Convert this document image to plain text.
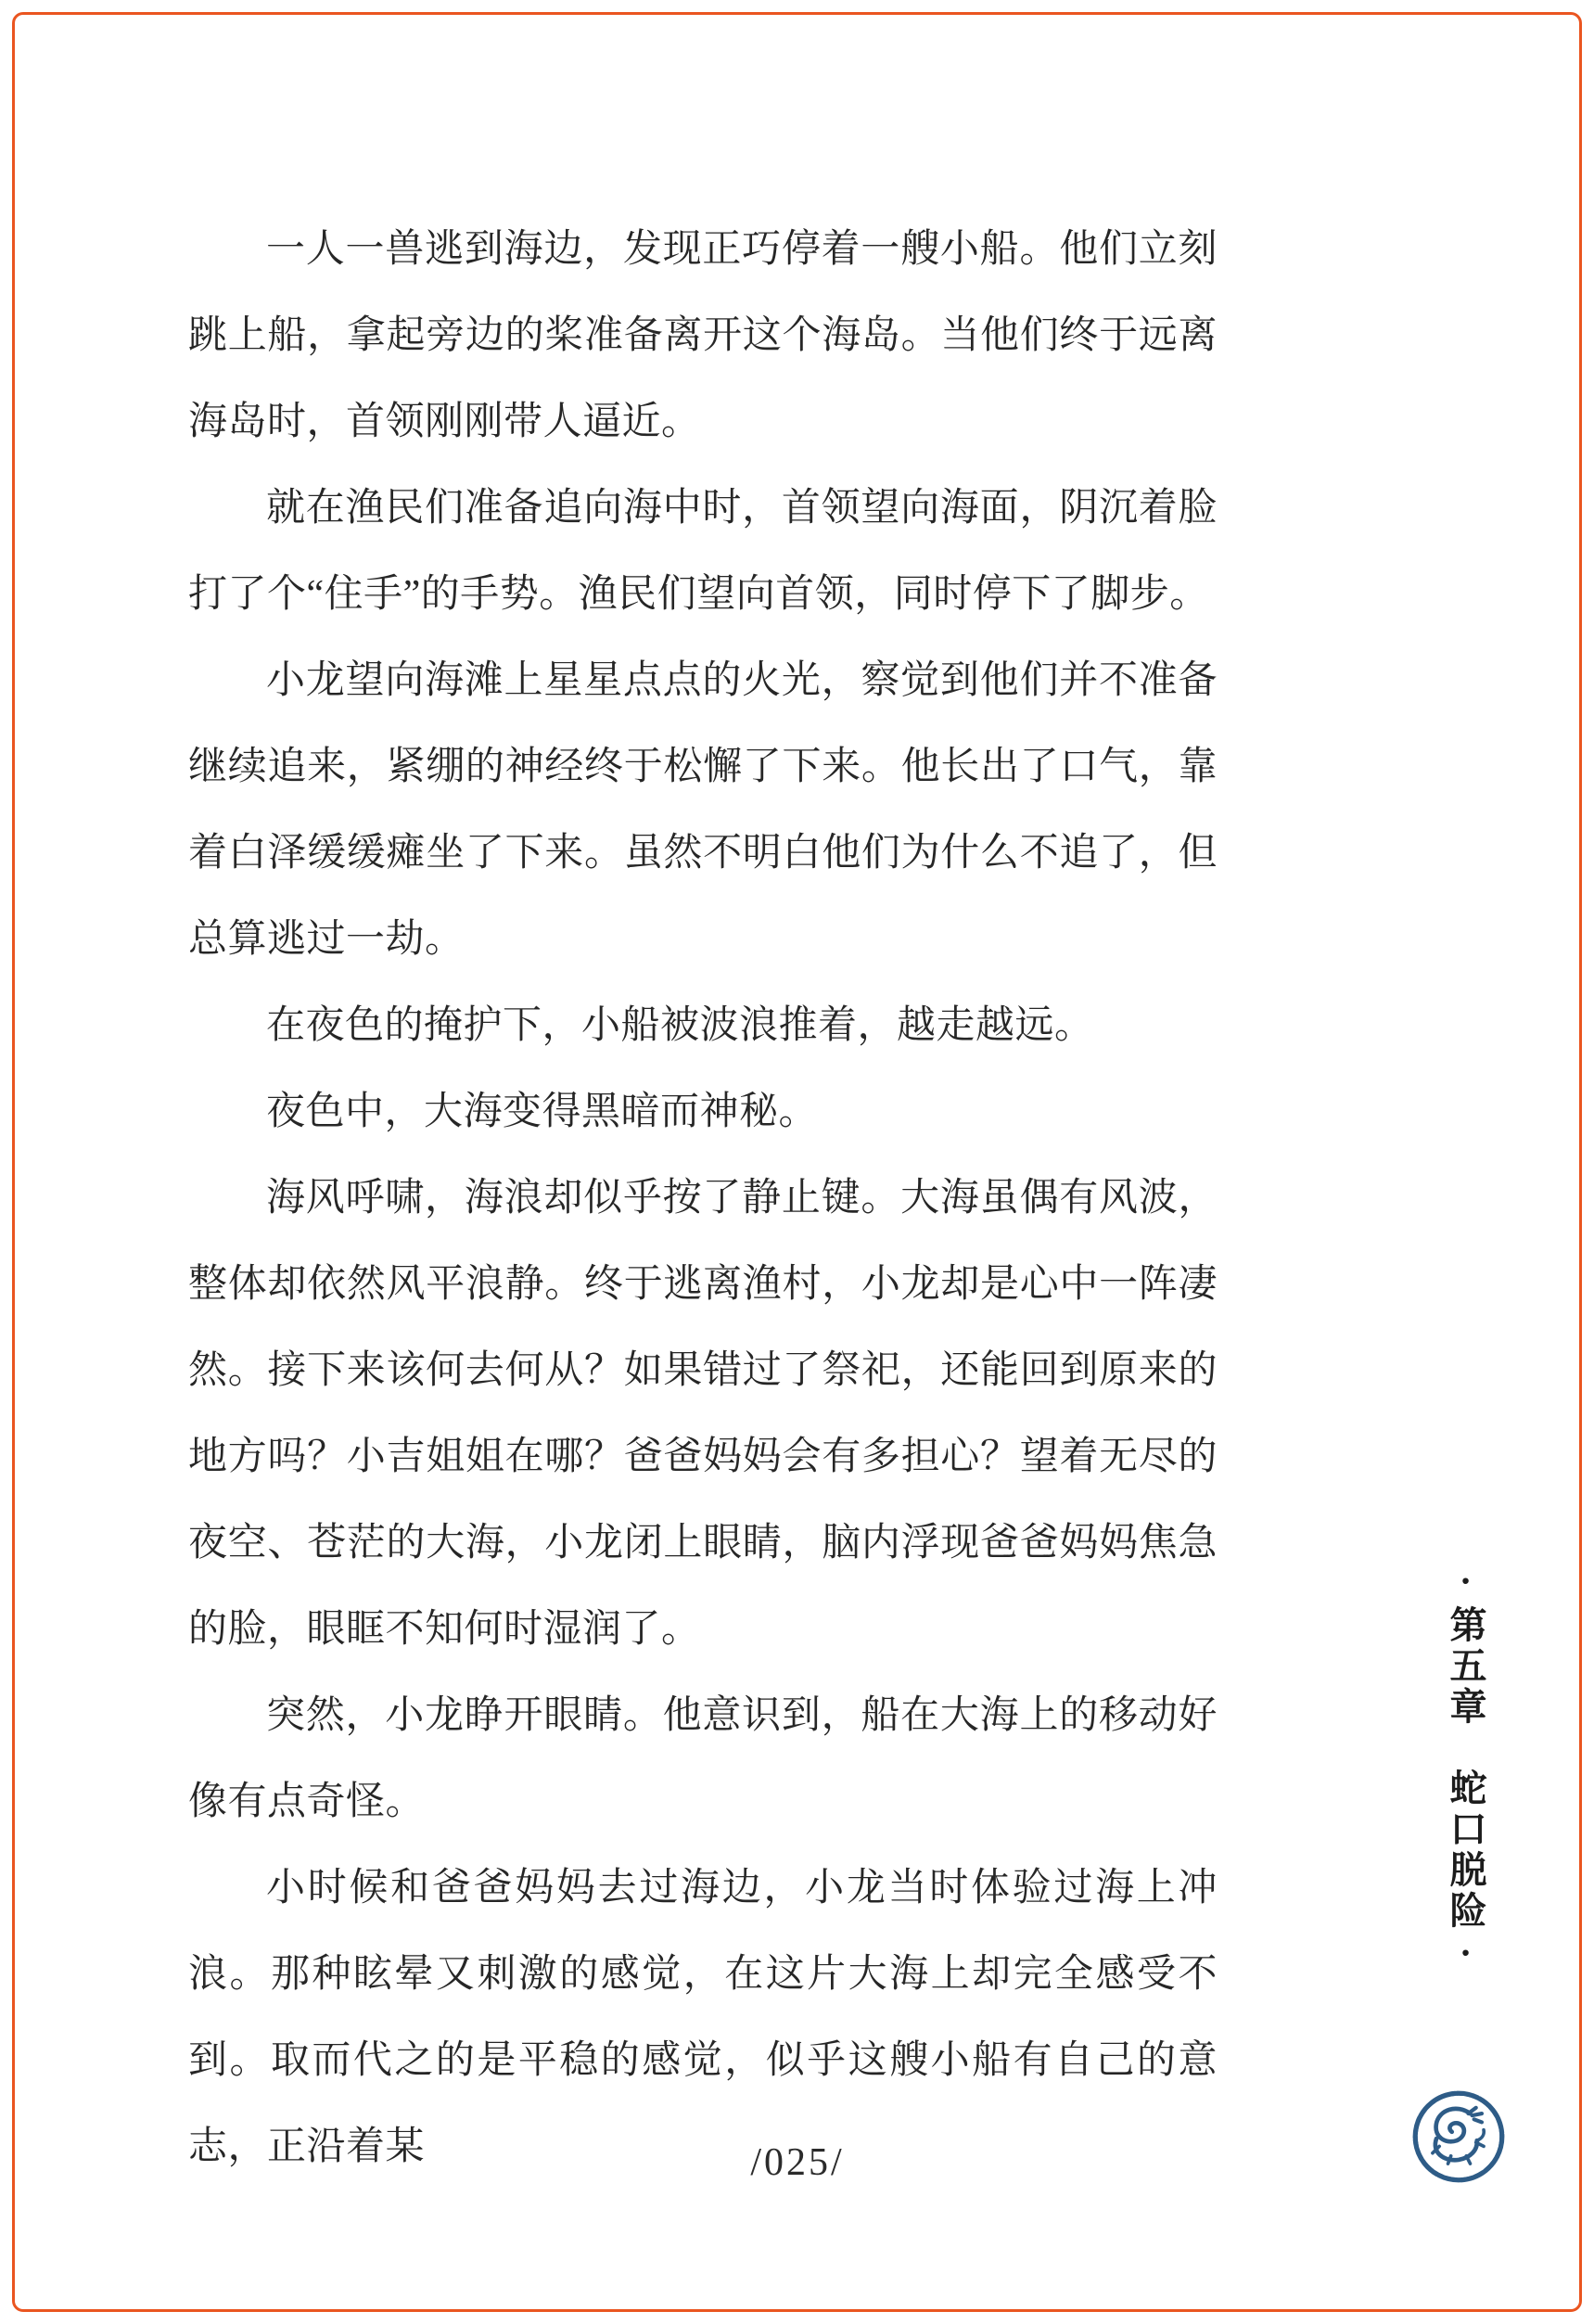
一人一兽逃到海边，发现正巧停着一艘小船。他们立刻跳上船，拿起旁边的桨准备离开这个海岛。当他们终于远离海岛时，首领刚刚带人逼近。

就在渔民们准备追向海中时，首领望向海面，阴沉着脸打了个“住手”的手势。渔民们望向首领，同时停下了脚步。

小龙望向海滩上星星点点的火光，察觉到他们并不准备继续追来，紧绷的神经终于松懈了下来。他长出了口气，靠着白泽缓缓瘫坐了下来。虽然不明白他们为什么不追了，但总算逃过一劫。

在夜色的掩护下，小船被波浪推着，越走越远。

夜色中，大海变得黑暗而神秘。

海风呼啸，海浪却似乎按了静止键。大海虽偶有风波，整体却依然风平浪静。终于逃离渔村，小龙却是心中一阵凄然。接下来该何去何从？如果错过了祭祀，还能回到原来的地方吗？小吉姐姐在哪？爸爸妈妈会有多担心？望着无尽的夜空、苍茫的大海，小龙闭上眼睛，脑内浮现爸爸妈妈焦急的脸，眼眶不知何时湿润了。

突然，小龙睁开眼睛。他意识到，船在大海上的移动好像有点奇怪。

小时候和爸爸妈妈去过海边，小龙当时体验过海上冲浪。那种眩晕又刺激的感觉，在这片大海上却完全感受不到。取而代之的是平稳的感觉，似乎这艘小船有自己的意志，正沿着某

·第五章　蛇口脱险·
/025/
